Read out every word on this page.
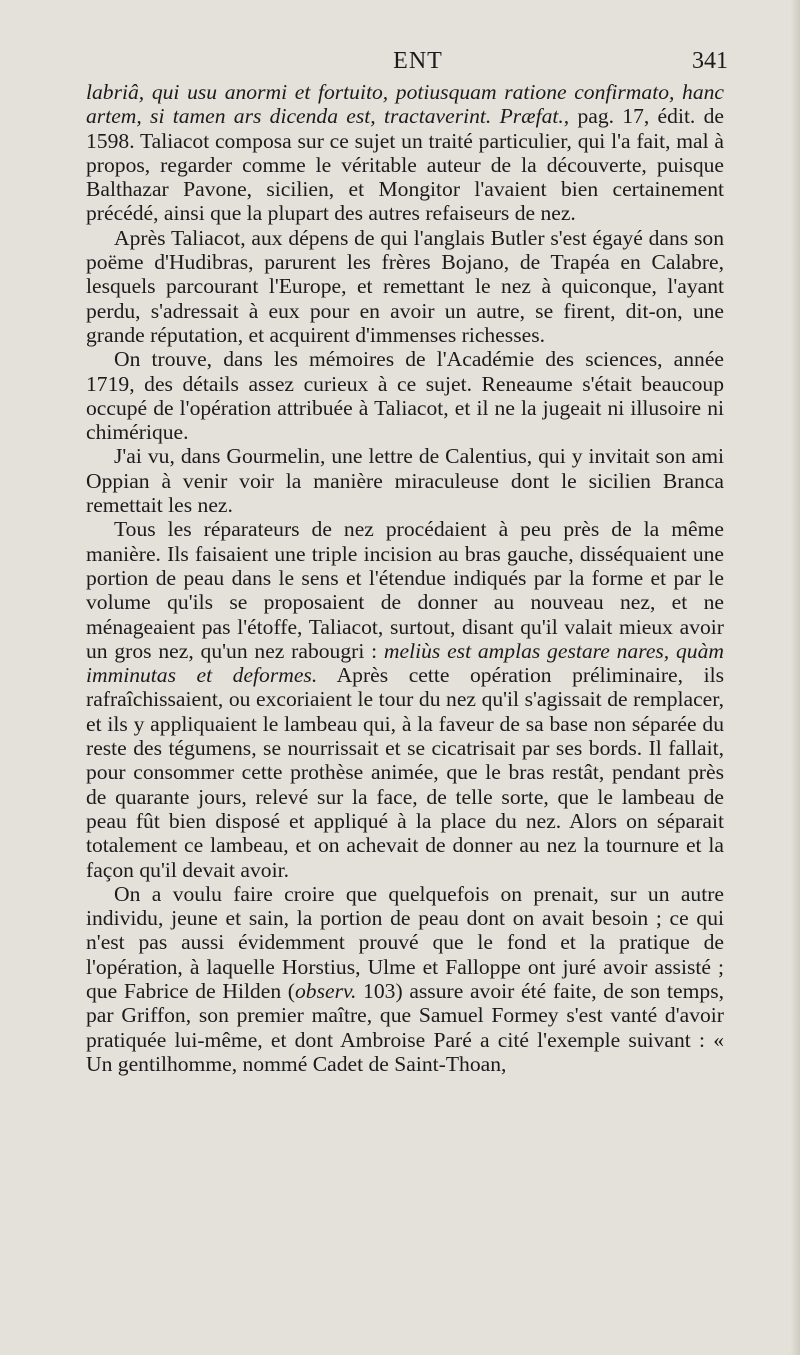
ENT	341

labriâ, qui usu anormi et fortuito, potiusquam ratione confirmato, hanc artem, si tamen ars dicenda est, tractaverint. Præfat., pag. 17, édit. de 1598. Taliacot composa sur ce sujet un traité particulier, qui l'a fait, mal à propos, regarder comme le véritable auteur de la découverte, puisque Balthazar Pavone, sicilien, et Mongitor l'avaient bien certainement précédé, ainsi que la plupart des autres refaiseurs de nez.

Après Taliacot, aux dépens de qui l'anglais Butler s'est égayé dans son poëme d'Hudibras, parurent les frères Bojano, de Trapéa en Calabre, lesquels parcourant l'Europe, et remettant le nez à quiconque, l'ayant perdu, s'adressait à eux pour en avoir un autre, se firent, dit-on, une grande réputation, et acquirent d'immenses richesses.

On trouve, dans les mémoires de l'Académie des sciences, année 1719, des détails assez curieux à ce sujet. Reneaume s'était beaucoup occupé de l'opération attribuée à Taliacot, et il ne la jugeait ni illusoire ni chimérique.

J'ai vu, dans Gourmelin, une lettre de Calentius, qui y invitait son ami Oppian à venir voir la manière miraculeuse dont le sicilien Branca remettait les nez.

Tous les réparateurs de nez procédaient à peu près de la même manière. Ils faisaient une triple incision au bras gauche, disséquaient une portion de peau dans le sens et l'étendue indiqués par la forme et par le volume qu'ils se proposaient de donner au nouveau nez, et ne ménageaient pas l'étoffe, Taliacot, surtout, disant qu'il valait mieux avoir un gros nez, qu'un nez rabougri : meliùs est amplas gestare nares, quàm imminutas et deformes. Après cette opération préliminaire, ils rafraîchissaient, ou excoriaient le tour du nez qu'il s'agissait de remplacer, et ils y appliquaient le lambeau qui, à la faveur de sa base non séparée du reste des tégumens, se nourrissait et se cicatrisait par ses bords. Il fallait, pour consommer cette prothèse animée, que le bras restât, pendant près de quarante jours, relevé sur la face, de telle sorte, que le lambeau de peau fût bien disposé et appliqué à la place du nez. Alors on séparait totalement ce lambeau, et on achevait de donner au nez la tournure et la façon qu'il devait avoir.

On a voulu faire croire que quelquefois on prenait, sur un autre individu, jeune et sain, la portion de peau dont on avait besoin ; ce qui n'est pas aussi évidemment prouvé que le fond et la pratique de l'opération, à laquelle Horstius, Ulme et Falloppe ont juré avoir assisté ; que Fabrice de Hilden (observ. 103) assure avoir été faite, de son temps, par Griffon, son premier maître, que Samuel Formey s'est vanté d'avoir pratiquée lui-même, et dont Ambroise Paré a cité l'exemple suivant : « Un gentilhomme, nommé Cadet de Saint-Thoan,
